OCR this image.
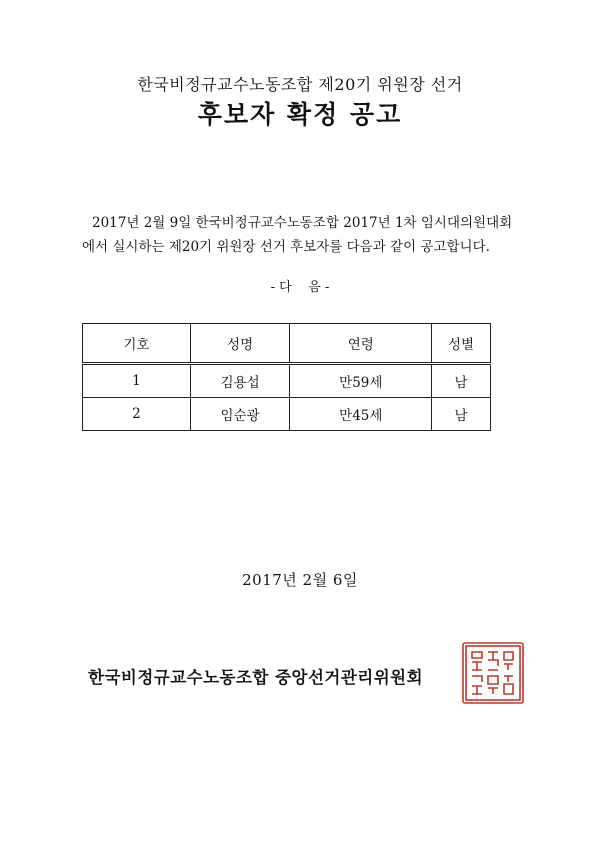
한국비정규교수노동조합 제20기 위원장 선거
후보자 확정 공고
2017년 2월 9일 한국비정규교수노동조합 2017년 1차 임시대의원대회
에서 실시하는 제20기 위원장 선거 후보자를 다음과 같이 공고합니다.
- 다    음 -
기호	성명	연령	성별
1	김용섭	만59세	남
2	임순광	만45세	남
2017년 2월 6일
한국비정규교수노동조합 중앙선거관리위원회
